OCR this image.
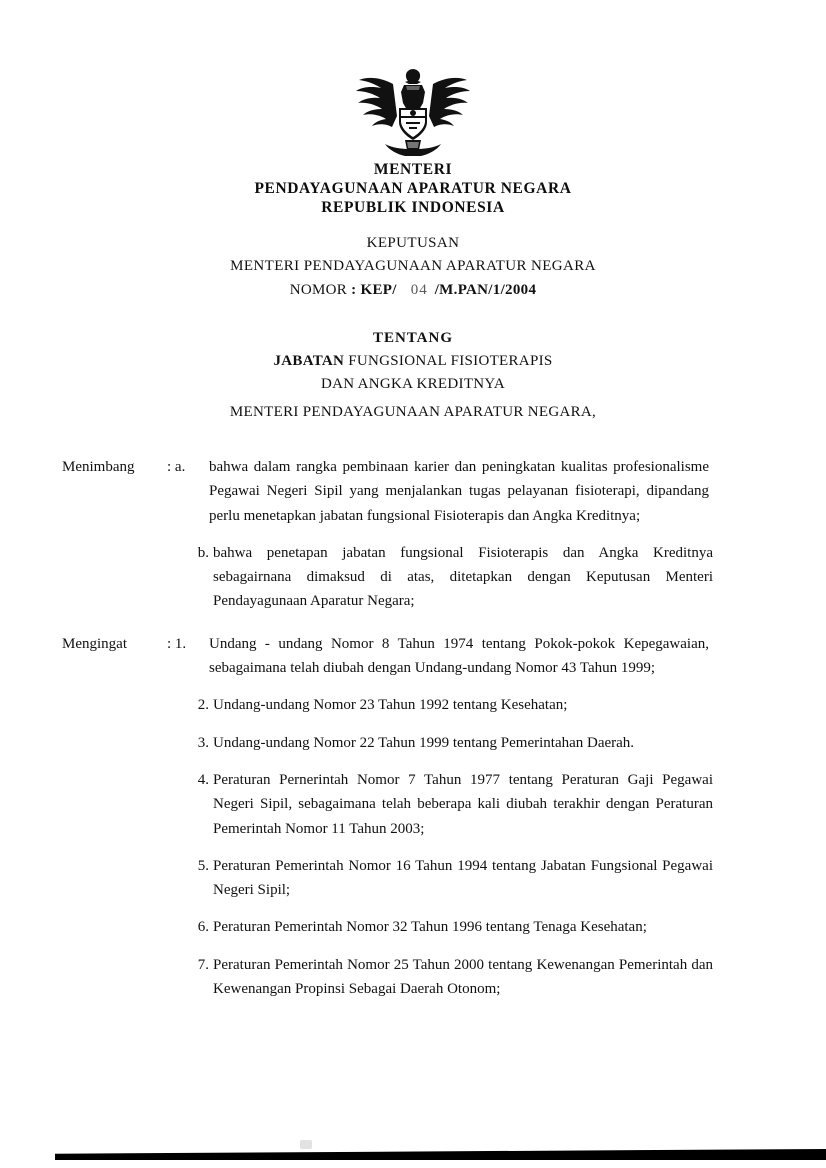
MENTERI
PENDAYAGUNAAN APARATUR NEGARA
REPUBLIK INDONESIA
KEPUTUSAN
MENTERI PENDAYAGUNAAN APARATUR NEGARA
NOMOR : KEP/ 04 /M.PAN/1/2004
TENTANG
JABATAN FUNGSIONAL FISIOTERAPIS
DAN ANGKA KREDITNYA
MENTERI PENDAYAGUNAAN APARATUR NEGARA,
Menimbang	: a.	bahwa dalam rangka pembinaan karier dan peningkatan kualitas profesionalisme Pegawai Negeri Sipil yang menjalankan tugas pelayanan fisioterapi, dipandang perlu menetapkan jabatan fungsional Fisioterapis dan Angka Kreditnya;
b. bahwa penetapan jabatan fungsional Fisioterapis dan Angka Kreditnya sebagairnana dimaksud di atas, ditetapkan dengan Keputusan Menteri Pendayagunaan Aparatur Negara;
Mengingat	: 1.	Undang - undang Nomor 8 Tahun 1974 tentang Pokok-pokok Kepegawaian, sebagaimana telah diubah dengan Undang-undang Nomor 43 Tahun 1999;
2. Undang-undang Nomor 23 Tahun 1992 tentang Kesehatan;
3. Undang-undang Nomor 22 Tahun 1999 tentang Pemerintahan Daerah.
4. Peraturan Pernerintah Nomor 7 Tahun 1977 tentang Peraturan Gaji Pegawai Negeri Sipil, sebagaimana telah beberapa kali diubah terakhir dengan Peraturan Pemerintah Nomor 11 Tahun 2003;
5. Peraturan Pemerintah Nomor 16 Tahun 1994 tentang Jabatan Fungsional Pegawai Negeri Sipil;
6. Peraturan Pemerintah Nomor 32 Tahun 1996 tentang Tenaga Kesehatan;
7. Peraturan Pemerintah Nomor 25 Tahun 2000 tentang Kewenangan Pemerintah dan Kewenangan Propinsi Sebagai Daerah Otonom;
